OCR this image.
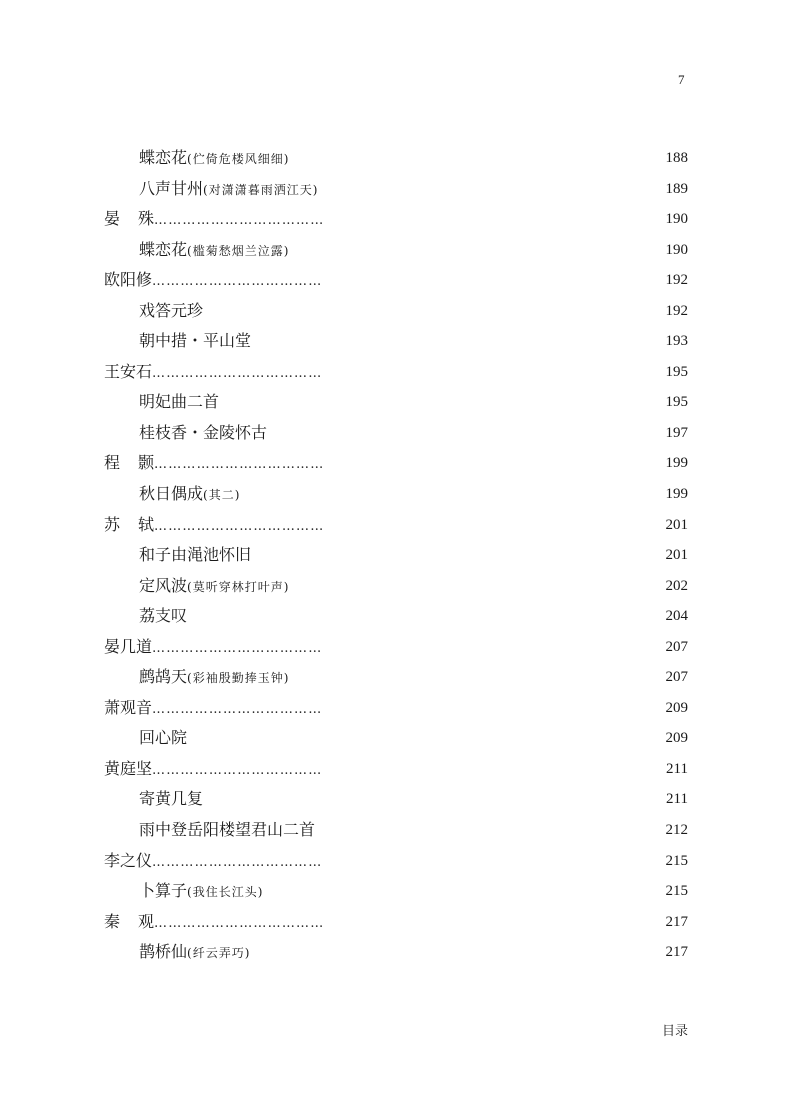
7
蝶恋花(伫倚危楼风细细)	188
八声甘州(对潇潇暮雨洒江天)	189
晏 殊………………………………	190
蝶恋花(槛菊愁烟兰泣露)	190
欧阳修………………………………	192
戏答元珍	192
朝中措・平山堂	193
王安石………………………………	195
明妃曲二首	195
桂枝香・金陵怀古	197
程 颢………………………………	199
秋日偶成(其二)	199
苏 轼………………………………	201
和子由渑池怀旧	201
定风波(莫听穿林打叶声)	202
荔支叹	204
晏几道………………………………	207
鹧鸪天(彩袖殷勤捧玉钟)	207
萧观音………………………………	209
回心院	209
黄庭坚………………………………	211
寄黄几复	211
雨中登岳阳楼望君山二首	212
李之仪………………………………	215
卜算子(我住长江头)	215
秦 观………………………………	217
鹊桥仙(纤云弄巧)	217
目录
